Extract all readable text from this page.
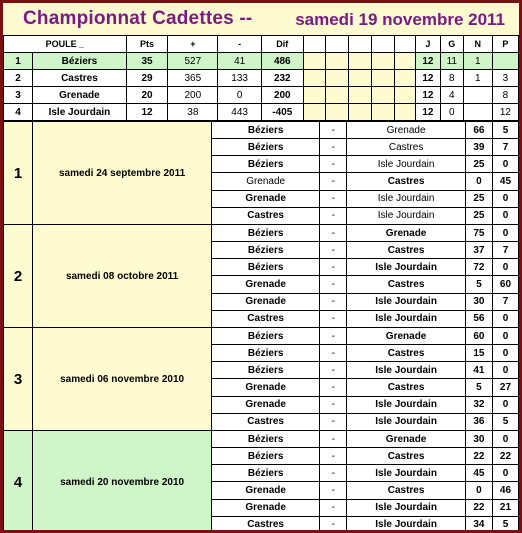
Championnat Cadettes --	samedi 19 novembre 2011
POULE _		Pts	+	-	Dif						J	G	N	P
1	Béziers	35	527	41	486						12	11	1	
2	Castres	29	365	133	232						12	8	1	3
3	Grenade	20	200	0	200						12	4		8
4	Isle Jourdain	12	38	443	-405						12	0		12
1	samedi 24 septembre 2011	Béziers	-	Grenade	66	5
		Béziers	-	Castres	39	7
		Béziers	-	Isle Jourdain	25	0
		Grenade	-	Castres	0	45
		Grenade	-	Isle Jourdain	25	0
		Castres	-	Isle Jourdain	25	0
2	samedi 08 octobre 2011	Béziers	-	Grenade	75	0
		Béziers	-	Castres	37	7
		Béziers	-	Isle Jourdain	72	0
		Grenade	-	Castres	5	60
		Grenade	-	Isle Jourdain	30	7
		Castres	-	Isle Jourdain	56	0
3	samedi 06 novembre 2010	Béziers	-	Grenade	60	0
		Béziers	-	Castres	15	0
		Béziers	-	Isle Jourdain	41	0
		Grenade	-	Castres	5	27
		Grenade	-	Isle Jourdain	32	0
		Castres	-	Isle Jourdain	36	5
4	samedi 20 novembre 2010	Béziers	-	Grenade	30	0
		Béziers	-	Castres	22	22
		Béziers	-	Isle Jourdain	45	0
		Grenade	-	Castres	0	46
		Grenade	-	Isle Jourdain	22	21
		Castres	-	Isle Jourdain	34	5
